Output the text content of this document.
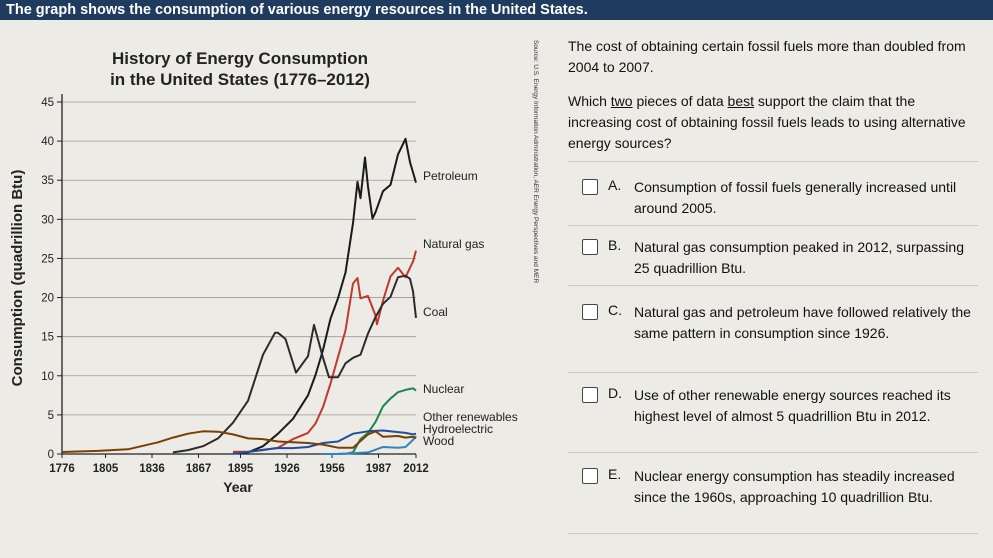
The graph shows the consumption of various energy resources in the United States.
History of Energy Consumption
in the United States (1776–2012)
0
5
10
15
20
25
30
35
40
45
1776 1805 1836 1867 1895 1926 1956 1987 2012
Year
Consumption (quadrillion Btu)	Petroleum
Natural gas
Coal
Nuclear
Other renewables
Hydroelectric
Wood
Source: U.S. Energy Information Administration, AER Energy Perspectives and MER The cost of obtaining certain fossil fuels more than doubled from 2004 to 2007.
Which two pieces of data best support the claim that the increasing cost of obtaining fossil fuels leads to using alternative energy sources?
A. Consumption of fossil fuels generally increased until around 2005.
B. Natural gas consumption peaked in 2012, surpassing 25 quadrillion Btu.
C. Natural gas and petroleum have followed relatively the same pattern in consumption since 1926.
D. Use of other renewable energy sources reached its highest level of almost 5 quadrillion Btu in 2012.
E. Nuclear energy consumption has steadily increased since the 1960s, approaching 10 quadrillion Btu.
